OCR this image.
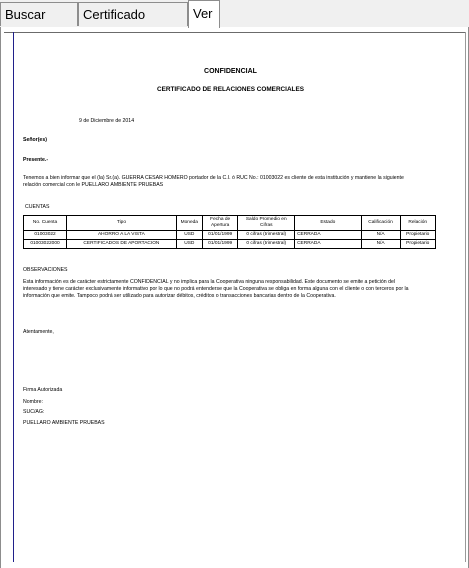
Buscar	Certificado	Ver
CONFIDENCIAL
CERTIFICADO DE RELACIONES COMERCIALES
9 de Diciembre de 2014
Señor(es)
Presente.-
Tenemos a bien informar que el (la) Sr.(a). GUERRA CESAR HOMERO portador de la C.I. ó RUC No.: 01003022 es cliente de esta institución y mantiene la siguiente
relación comercial con le PUELLARO AMBIENTE PRUEBAS
CUENTAS
No. Cuenta	Tipo	Moneda	Fecha de Apertura	Saldo Promedio en Cifras	Estado	Calificación	Relación
01003022	AHORRO A LA VISTA	USD	01/01/1999	0 cifras (trimestral)	CERRADA	N/A	Propietario
01003022000	CERTIFICADOS DE APORTACION	USD	01/01/1999	0 cifras (trimestral)	CERRADA	N/A	Propietario
OBSERVACIONES
Esta información es de carácter estrictamente CONFIDENCIAL y no implica para la Cooperativa ninguna responsabilidad. Este documento se emite a petición del
interesado y tiene carácter exclusivamente informativo por lo que no podrá entenderse que la Cooperativa se obliga en forma alguna con el cliente o con terceros por la
información que emite. Tampoco podrá ser utilizado para autorizar débitos, créditos o transacciones bancarias dentro de la Cooperativa.
Atentamente,
Firma Autorizada
Nombre:
SUC/AG:
PUELLARO AMBIENTE PRUEBAS
